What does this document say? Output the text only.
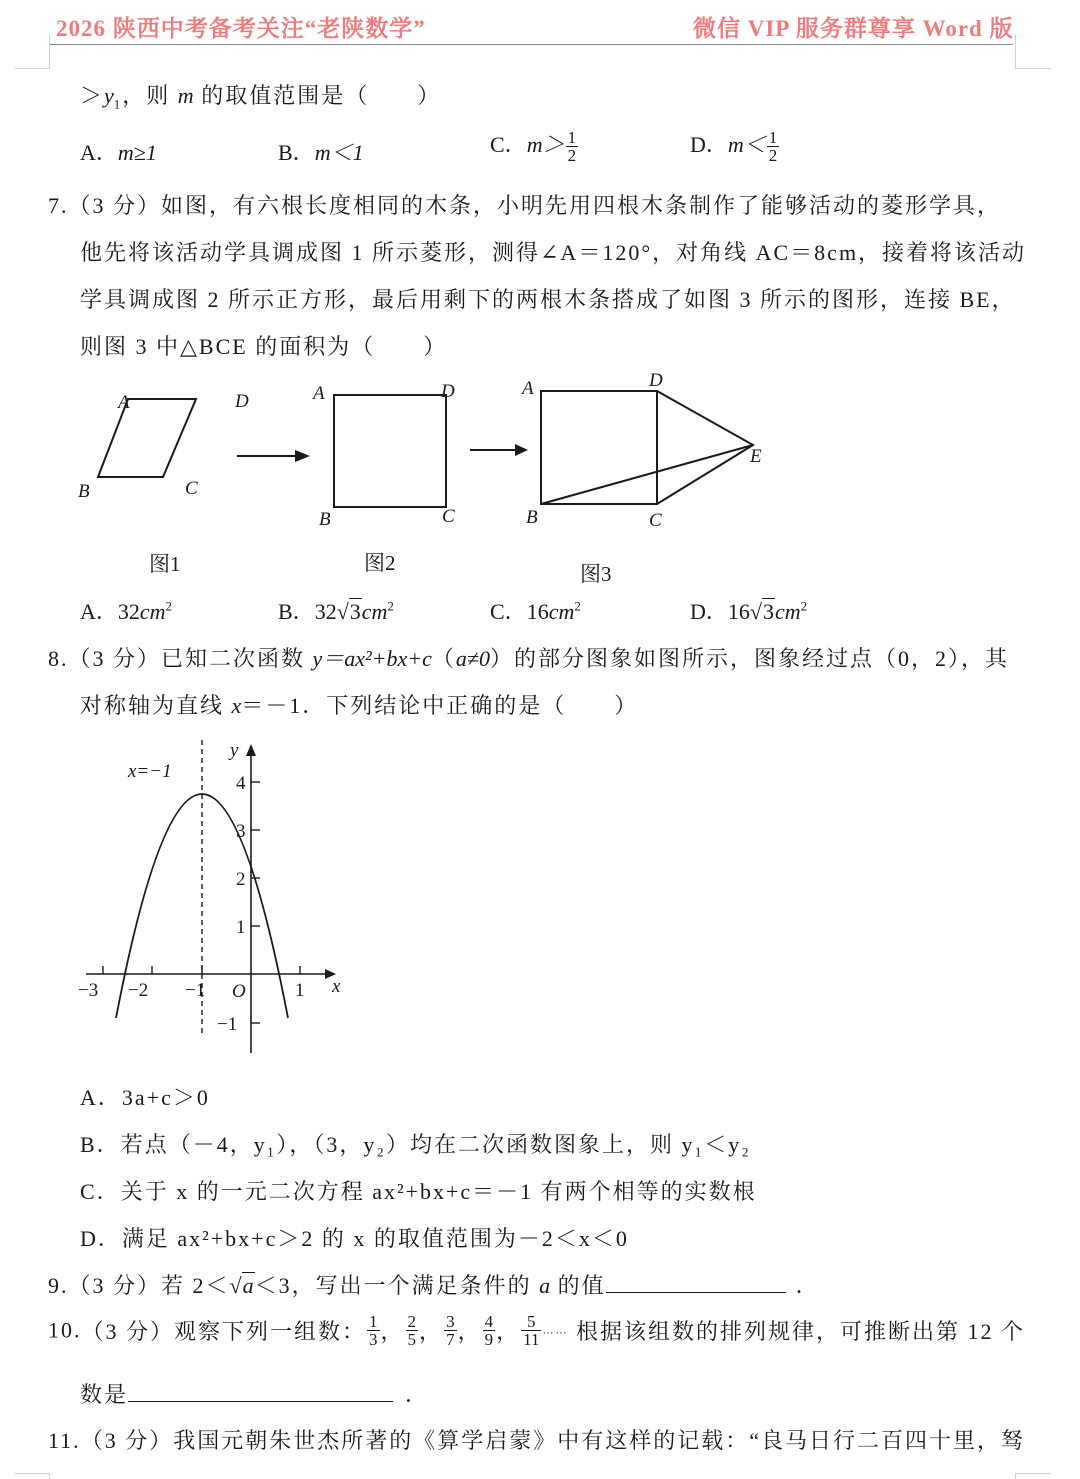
2026 陕西中考备考关注“老陕数学”	微信 VIP 服务群尊享 Word 版
$>y_1$，则 m 的取值范围是（　　）
A．m≥1	B．m＜1	C．$m> \frac{1}{2}$	D．$m< \frac{1}{2}$
7.（3 分）如图，有六根长度相同的木条，小明先用四根木条制作了能够活动的菱形学具，
他先将该活动学具调成图 1 所示菱形，测得∠A＝120°，对角线 AC＝8cm，接着将该活动
学具调成图 2 所示正方形，最后用剩下的两根木条搭成了如图 3 所示的图形，连接 BE，
则图 3 中△BCE 的面积为（　　）
A	D
B	C
A	D
B	C
A	D
B	C
E
图1	图2	图3
A．$32cm^2$	B．$32√3cm^2$	C．$16cm^2$	D．$16√3cm^2$
8.（3 分）已知二次函数 y＝ax²+bx+c（a≠0）的部分图象如图所示，图象经过点（0，2），其
对称轴为直线 x＝－1．下列结论中正确的是（　　）
x=−1
y
x
O
−3 −2 −1	1
4
3
2
1
−1
A．3a+c＞0
B．若点（－4，y₁），（3，y₂）均在二次函数图象上，则 y₁＜y₂
C．关于 x 的一元二次方程 ax²+bx+c＝－1 有两个相等的实数根
D．满足 ax²+bx+c＞2 的 x 的取值范围为－2＜x＜0
9.（3 分）若 2＜√a＜3，写出一个满足条件的 a 的值	．
10.（3 分）观察下列一组数： $\frac{1}{3}$ ， $\frac{2}{5}$ ， $\frac{3}{7}$ ， $\frac{4}{9}$ ， $\frac{5}{11}$ …… 根据该组数的排列规律，可推断出第 12 个
数是	．
11.（3 分）我国元朝朱世杰所著的《算学启蒙》中有这样的记载：“良马日行二百四十里，驽
